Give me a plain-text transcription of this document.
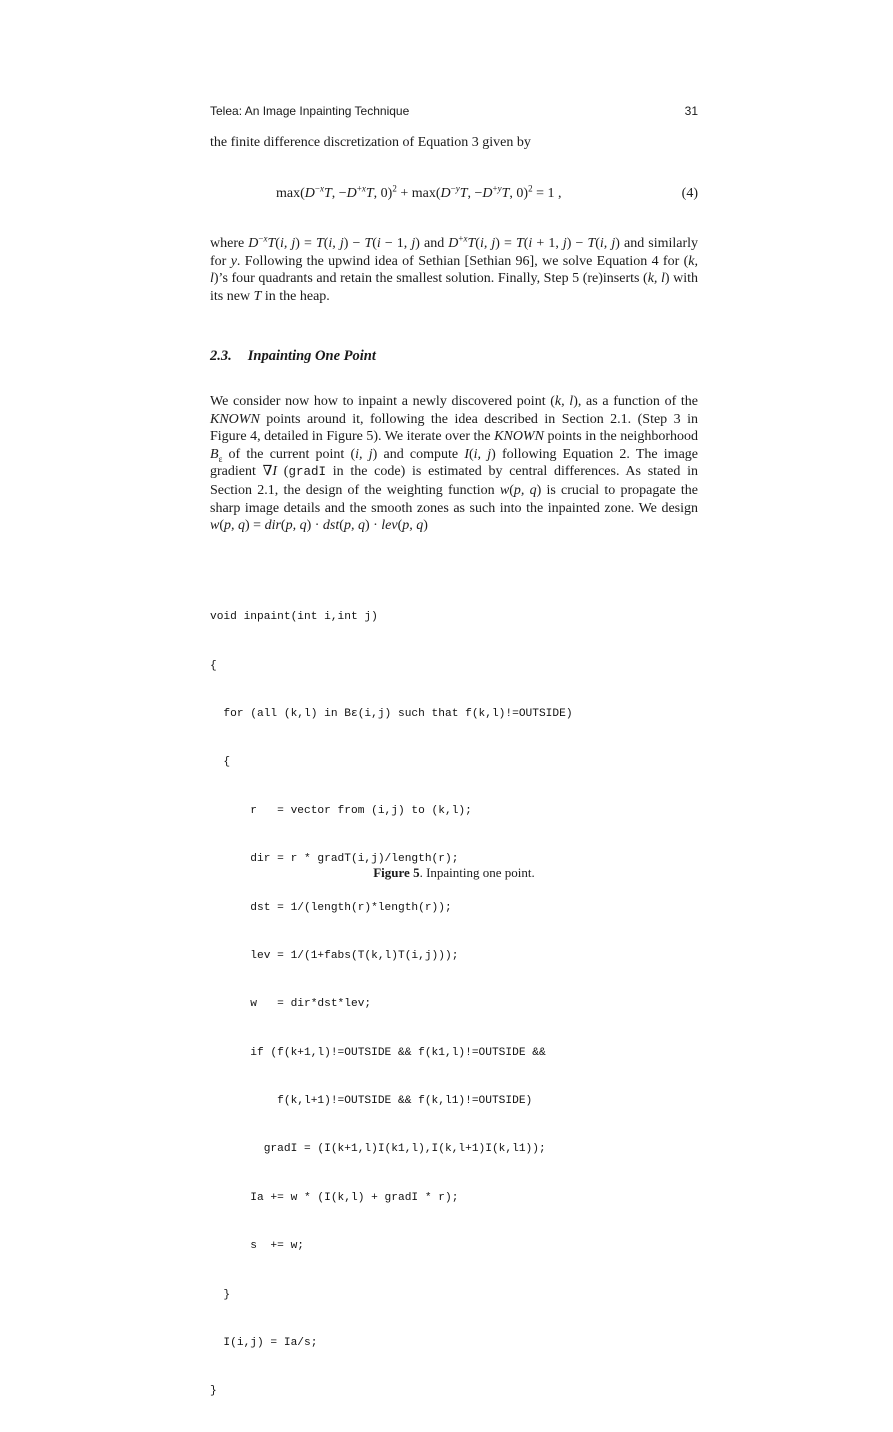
Telea: An Image Inpainting Technique	31

the finite difference discretization of Equation 3 given by

$\max(D^{-x}T$, $-D^{+x}T$, $0)^2 + \max(D^{-y}T$, $-D^{+y}T$, 0)$^2$ = 1 ,	(4)

where $D^{-x}T(i$, j) = T(i, j) − T(i − 1, j) and $D^{+x}T(i$, j) = T(i + 1, j) − T(i, j) and similarly for y. Following the upwind idea of Sethian [Sethian 96], we solve Equation 4 for (k, l)’s four quadrants and retain the smallest solution. Finally, Step 5 (re)inserts (k, l) with its new T in the heap.

2.3. Inpainting One Point

We consider now how to inpaint a newly discovered point (k, l), as a function of the KNOWN points around it, following the idea described in Section 2.1. (Step 3 in Figure 4, detailed in Figure 5). We iterate over the KNOWN points in the neighborhood $B_\varepsilon$ of the current point (i, j) and compute I(i, j) following Equation 2. The image gradient ∇I (gradI in the code) is estimated by central differences. As stated in Section 2.1, the design of the weighting function w(p, q) is crucial to propagate the sharp image details and the smooth zones as such into the inpainted zone. We design w(p, q) = dir(p, q) · dst(p, q) · lev(p, q)

void inpaint(int i,int j)

{

for (all (k,l) in Bε(i,j) such that f(k,l)!=OUTSIDE)

{

r   = vector from (i,j) to (k,l);

dir = r * gradT(i,j)/length(r);

dst = 1/(length(r)*length(r));

lev = 1/(1+fabs(T(k,l)T(i,j)));

w   = dir*dst*lev;

if (f(k+1,l)!=OUTSIDE && f(k1,l)!=OUTSIDE &&

f(k,l+1)!=OUTSIDE && f(k,l1)!=OUTSIDE)

gradI = (I(k+1,l)I(k1,l),I(k,l+1)I(k,l1));

Ia += w * (I(k,l) + gradI * r);

s  += w;

}

I(i,j) = Ia/s;

}

Figure 5. Inpainting one point.
